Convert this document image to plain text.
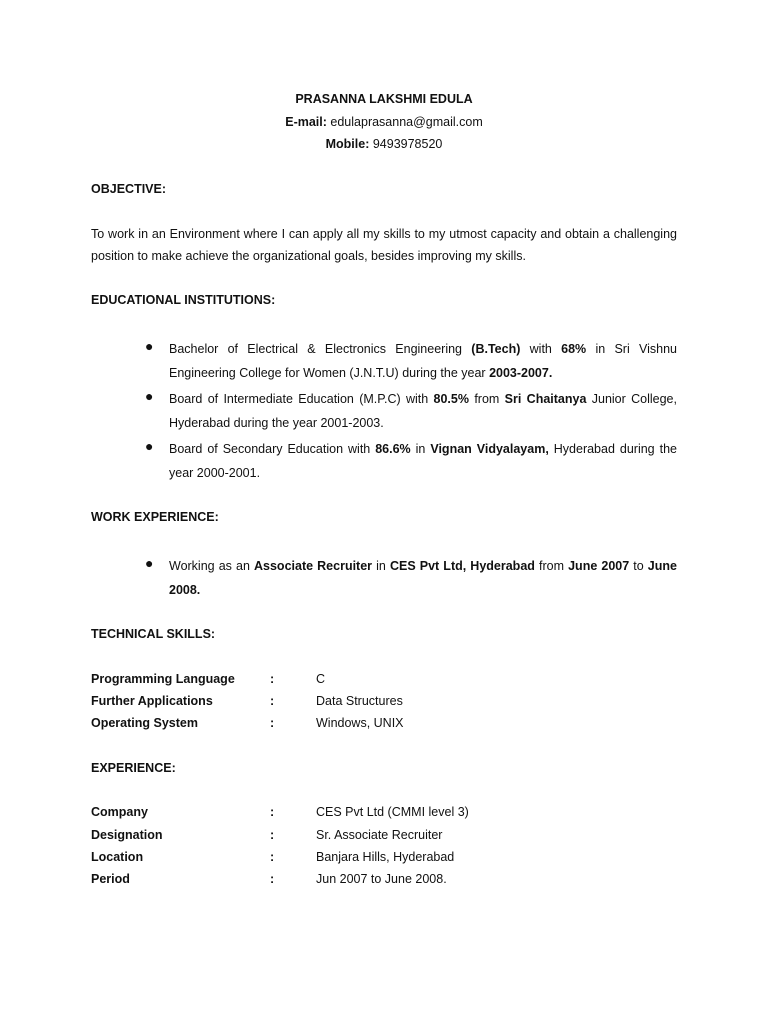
PRASANNA LAKSHMI EDULA
E-mail: edulaprasanna@gmail.com
Mobile: 9493978520
OBJECTIVE:
To work in an Environment where I can apply all my skills to my utmost capacity and obtain a challenging position to make achieve the organizational goals, besides improving my skills.
EDUCATIONAL INSTITUTIONS:
●	Bachelor of Electrical & Electronics Engineering (B.Tech) with 68% in Sri Vishnu Engineering College for Women (J.N.T.U) during the year 2003-2007.
●	Board of Intermediate Education (M.P.C) with 80.5% from Sri Chaitanya Junior College, Hyderabad during the year 2001-2003.
●	Board of Secondary Education with 86.6% in Vignan Vidyalayam, Hyderabad during the year 2000-2001.
WORK EXPERIENCE:
●	Working as an Associate Recruiter in CES Pvt Ltd, Hyderabad from June 2007 to June 2008.
TECHNICAL SKILLS:
Programming Language	:	C
Further Applications	:	Data Structures
Operating System	:	Windows, UNIX
EXPERIENCE:
Company	:	CES Pvt Ltd (CMMI level 3)
Designation	:	Sr. Associate Recruiter
Location	:	Banjara Hills, Hyderabad
Period	:	Jun 2007 to June 2008.
